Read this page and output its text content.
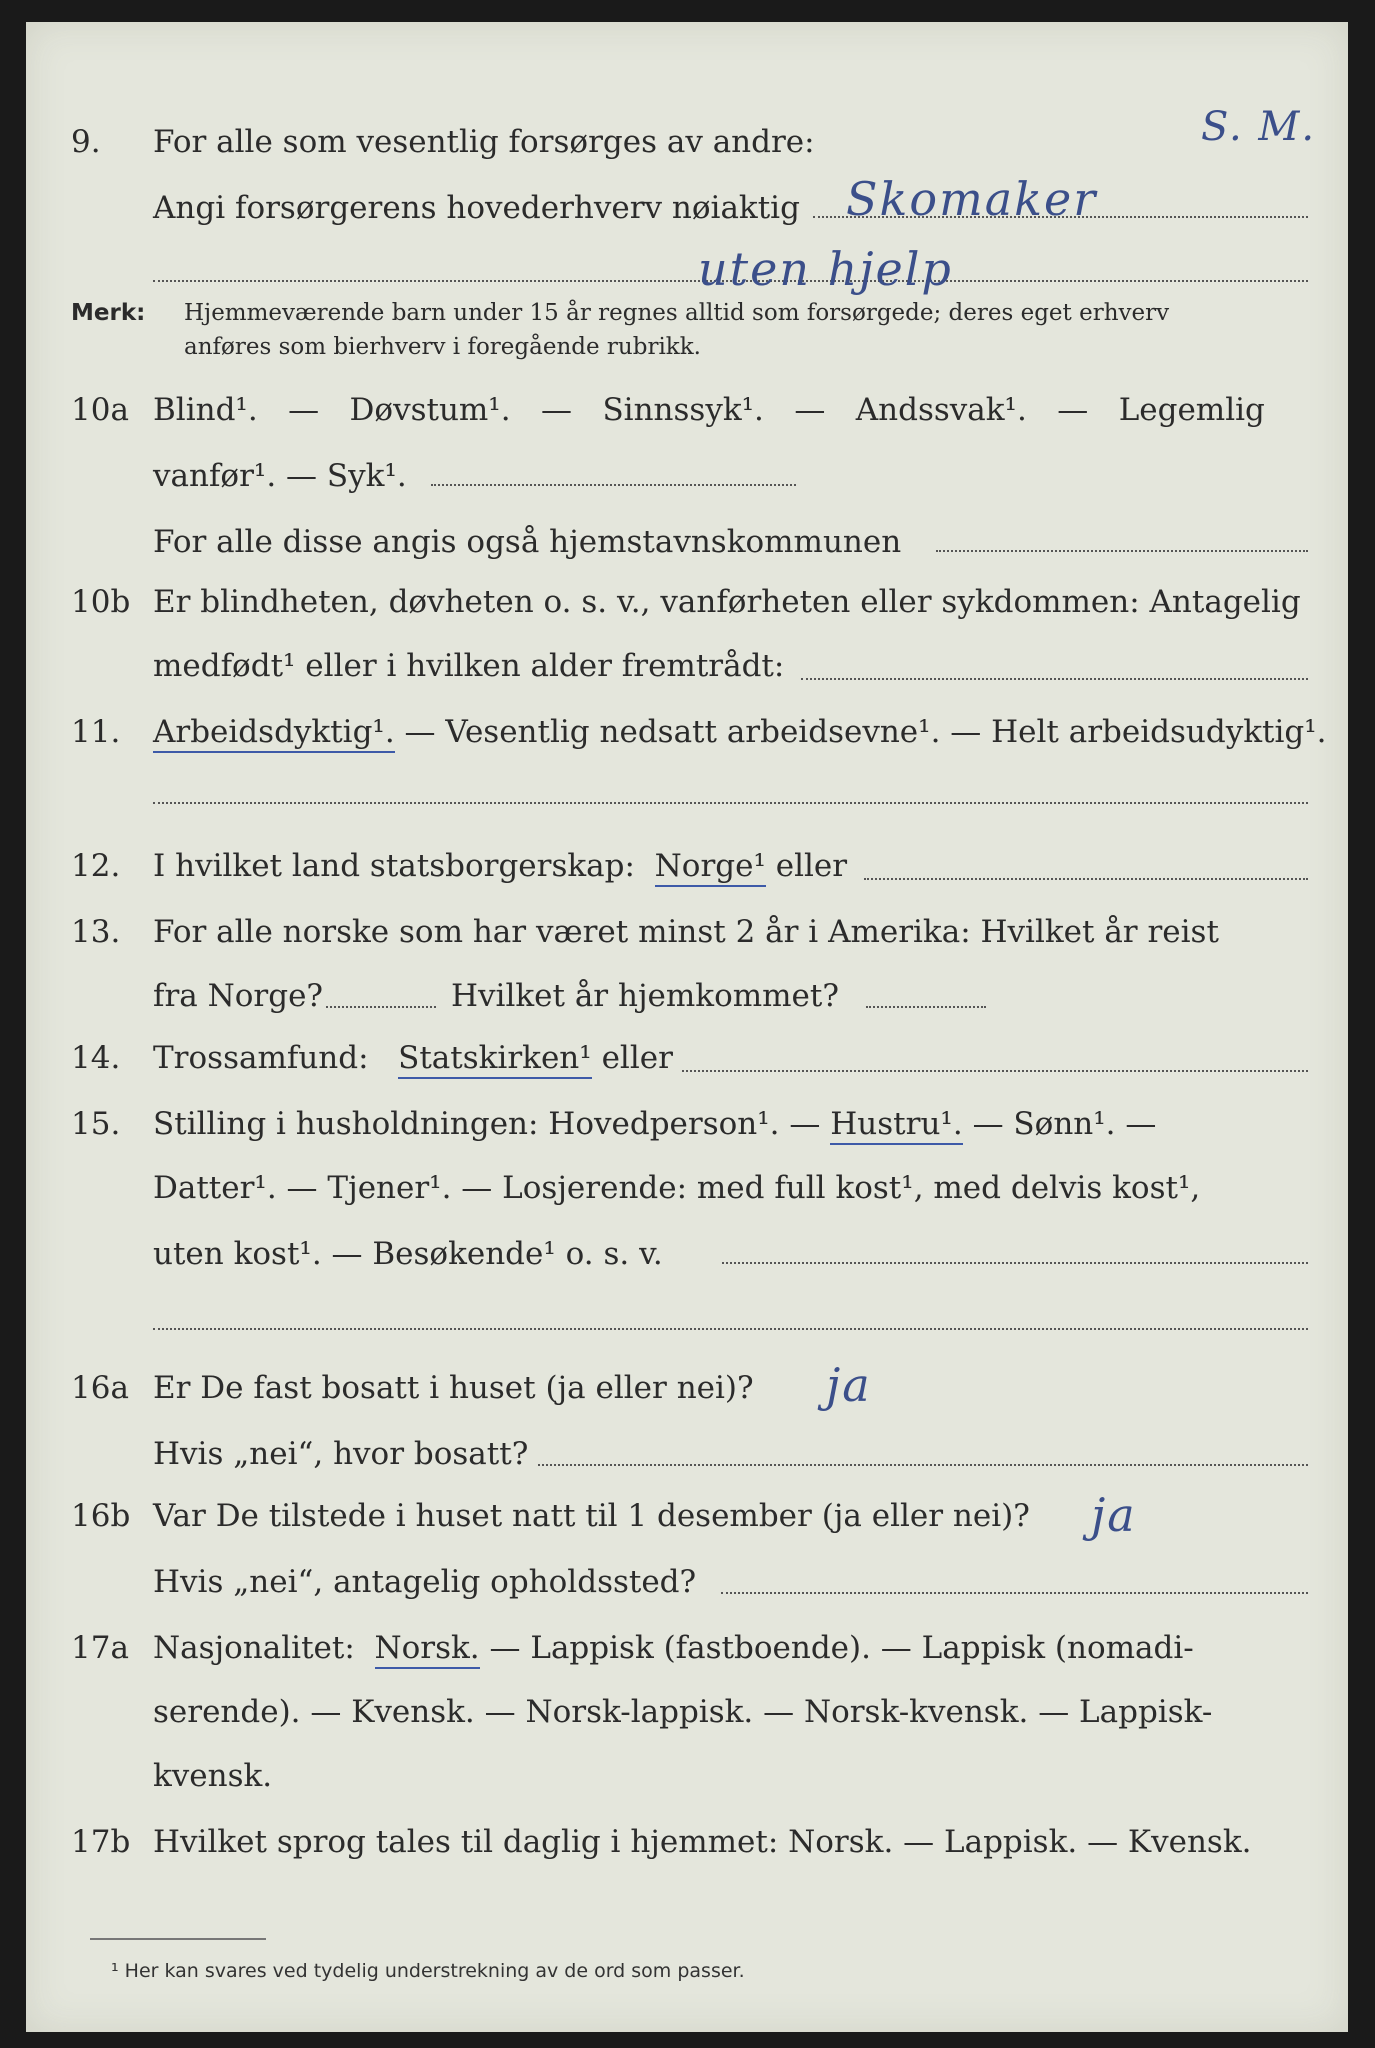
S. M.
9. For alle som vesentlig forsørges av andre:
Angi forsørgerens hovederhverv nøiaktig Skomaker
uten hjelp
Merk: Hjemmeværende barn under 15 år regnes alltid som forsørgede; deres eget erhverv
anføres som bierhverv i foregående rubrikk.
10a Blind¹. — Døvstum¹. — Sinnssyk¹. — Andssvak¹. — Legemlig
vanfør¹. — Syk¹.
For alle disse angis også hjemstavnskommunen
10b Er blindheten, døvheten o. s. v., vanførheten eller sykdommen: Antagelig
medfødt¹ eller i hvilken alder fremtrådt:
11. Arbeidsdyktig¹. — Vesentlig nedsatt arbeidsevne¹. — Helt arbeidsudyktig¹.
12. I hvilket land statsborgerskap: Norge¹ eller
13. For alle norske som har været minst 2 år i Amerika: Hvilket år reist
fra Norge?	Hvilket år hjemkommet?
14. Trossamfund: Statskirken¹ eller
15. Stilling i husholdningen: Hovedperson¹. — Hustru¹. — Sønn¹. —
Datter¹. — Tjener¹. — Losjerende: med full kost¹, med delvis kost¹,
uten kost¹. — Besøkende¹ o. s. v.
16a Er De fast bosatt i huset (ja eller nei)? ja
Hvis „nei“, hvor bosatt?
16b Var De tilstede i huset natt til 1 desember (ja eller nei)? ja
Hvis „nei“, antagelig opholdssted?
17a Nasjonalitet: Norsk. — Lappisk (fastboende). — Lappisk (nomadi-
serende). — Kvensk. — Norsk-lappisk. — Norsk-kvensk. — Lappisk-
kvensk.
17b Hvilket sprog tales til daglig i hjemmet: Norsk. — Lappisk. — Kvensk.
¹ Her kan svares ved tydelig understrekning av de ord som passer.
